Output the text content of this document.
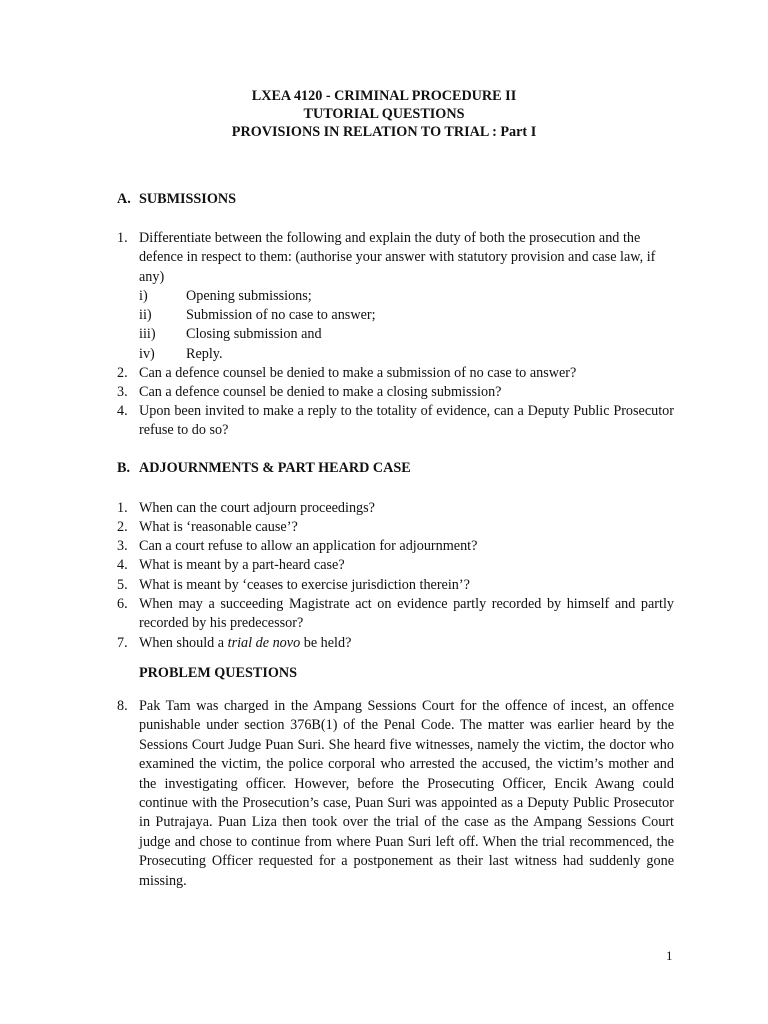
LXEA 4120 - CRIMINAL PROCEDURE II
TUTORIAL QUESTIONS
PROVISIONS IN RELATION TO TRIAL : Part I
A. SUBMISSIONS
1. Differentiate between the following and explain the duty of both the prosecution and the defence in respect to them: (authorise your answer with statutory provision and case law, if any)
i)	Opening submissions;
ii) Submission of no case to answer;
iii) Closing submission and
iv) Reply.
2. Can a defence counsel be denied to make a submission of no case to answer?
3. Can a defence counsel be denied to make a closing submission?
4. Upon been invited to make a reply to the totality of evidence, can a Deputy Public Prosecutor refuse to do so?
B. ADJOURNMENTS & PART HEARD CASE
1. When can the court adjourn proceedings?
2. What is ‘reasonable cause’?
3. Can a court refuse to allow an application for adjournment?
4. What is meant by a part-heard case?
5. What is meant by ‘ceases to exercise jurisdiction therein’?
6. When may a succeeding Magistrate act on evidence partly recorded by himself and partly recorded by his predecessor?
7. When should a trial de novo be held?
PROBLEM QUESTIONS
8. Pak Tam was charged in the Ampang Sessions Court for the offence of incest, an offence punishable under section 376B(1) of the Penal Code. The matter was earlier heard by the Sessions Court Judge Puan Suri. She heard five witnesses, namely the victim, the doctor who examined the victim, the police corporal who arrested the accused, the victim’s mother and the investigating officer. However, before the Prosecuting Officer, Encik Awang could continue with the Prosecution’s case, Puan Suri was appointed as a Deputy Public Prosecutor in Putrajaya. Puan Liza then took over the trial of the case as the Ampang Sessions Court judge and chose to continue from where Puan Suri left off. When the trial recommenced, the Prosecuting Officer requested for a postponement as their last witness had suddenly gone missing.
1
